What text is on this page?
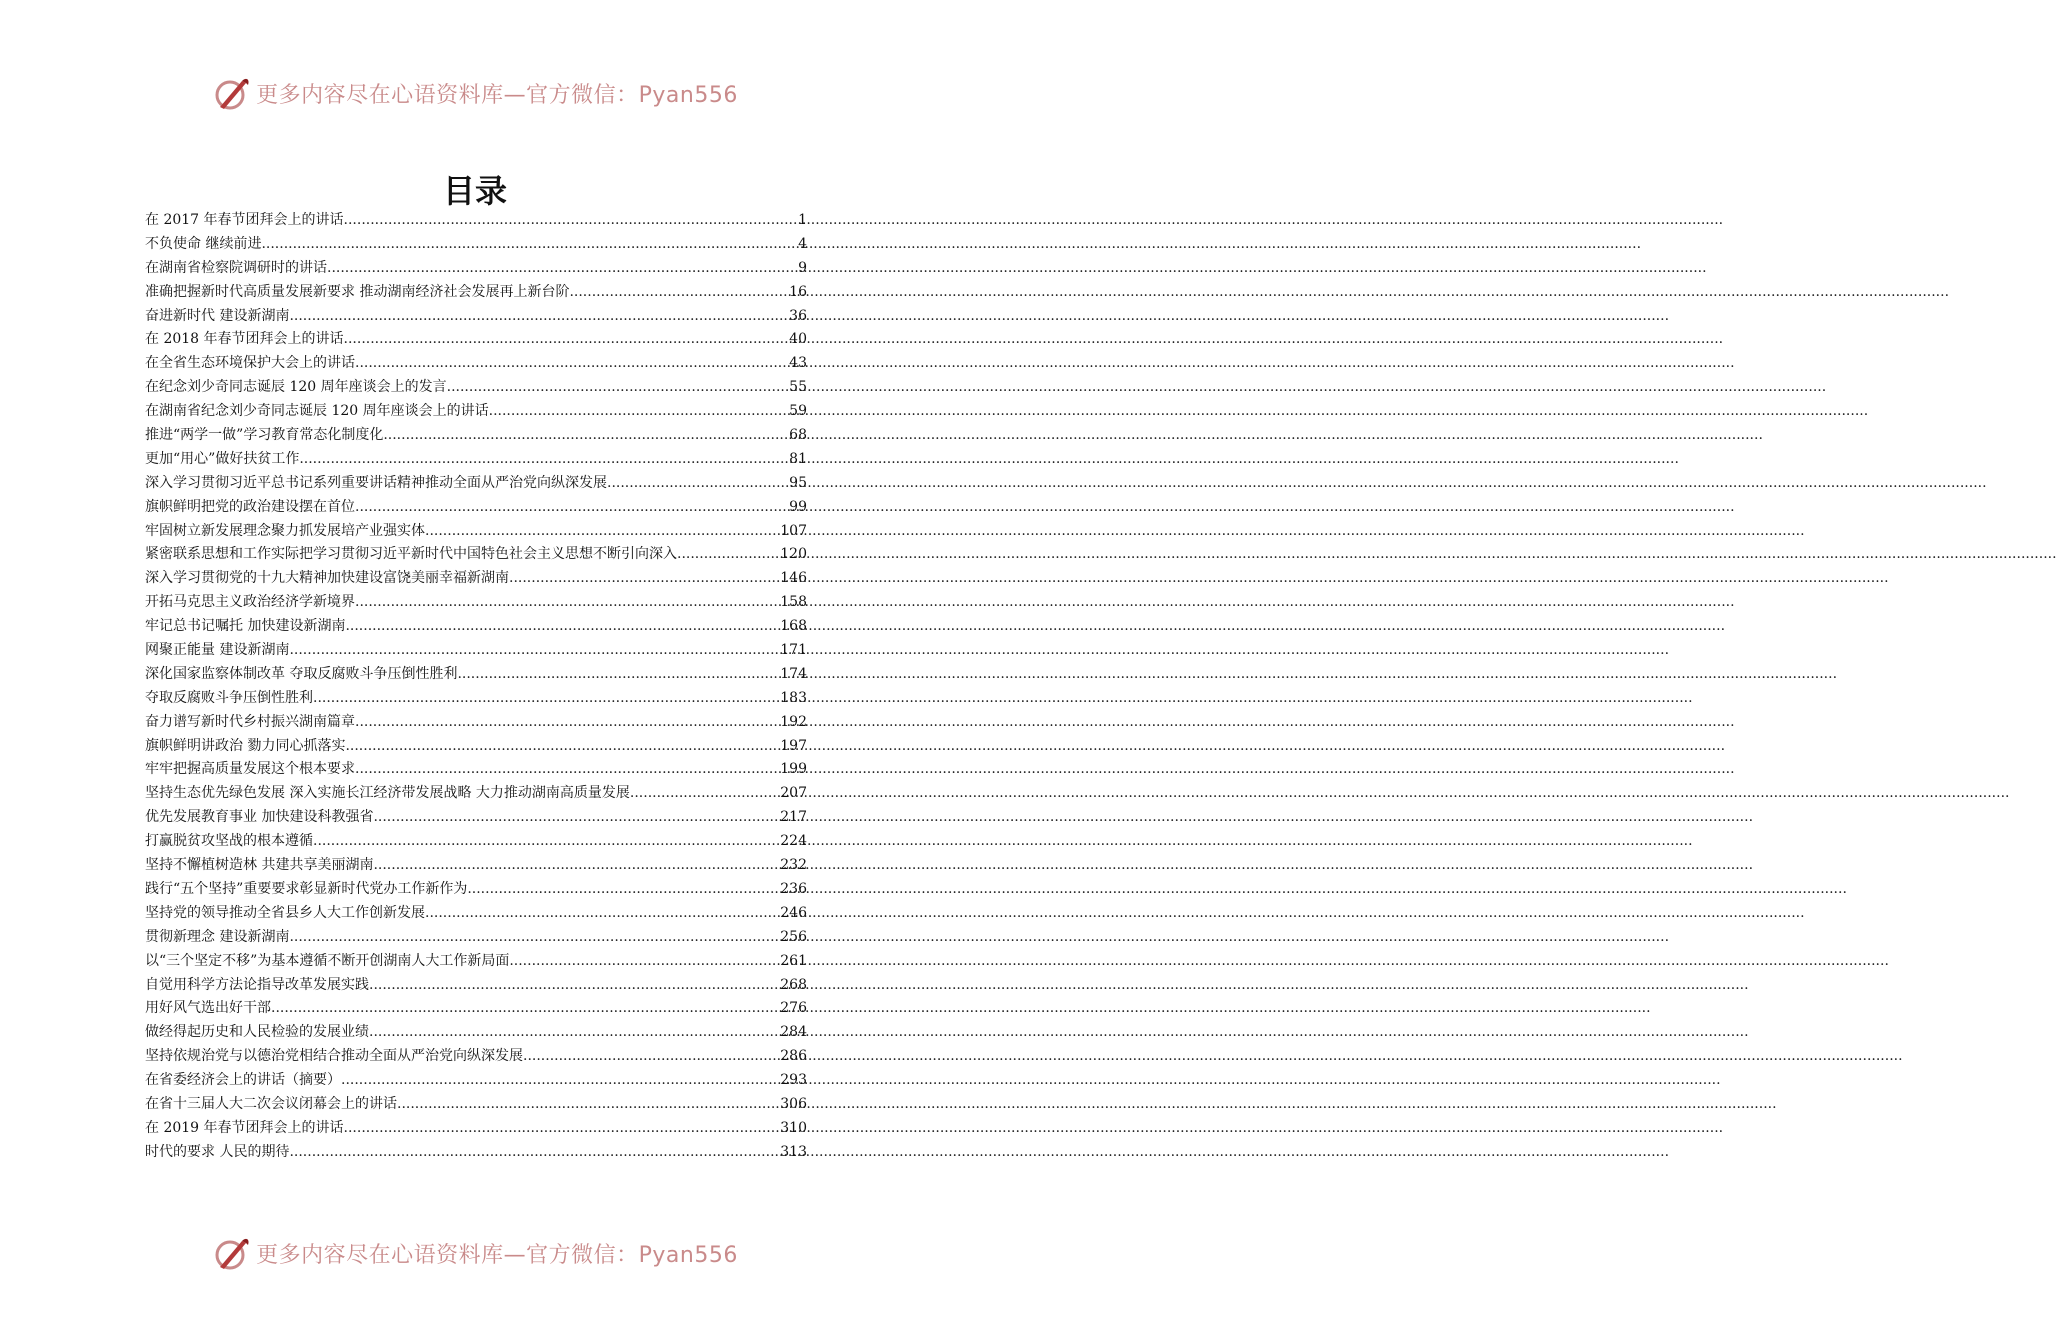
更多内容尽在心语资料库—官方微信：Pyan556
目录
在 2017 年春节团拜会上的讲话 .....	1
不负使命 继续前进 .....	4
在湖南省检察院调研时的讲话 .....	9
准确把握新时代高质量发展新要求 推动湖南经济社会发展再上新台阶 .....	16
奋进新时代 建设新湖南 .....	36
在 2018 年春节团拜会上的讲话 .....	40
在全省生态环境保护大会上的讲话 .....	43
在纪念刘少奇同志诞辰 120 周年座谈会上的发言 .....	55
在湖南省纪念刘少奇同志诞辰 120 周年座谈会上的讲话 .....	59
推进“两学一做”学习教育常态化制度化 .....	68
更加“用心”做好扶贫工作 .....	81
深入学习贯彻习近平总书记系列重要讲话精神推动全面从严治党向纵深发展 .....	95
旗帜鲜明把党的政治建设摆在首位 .....	99
牢固树立新发展理念聚力抓发展培产业强实体 .....	107
紧密联系思想和工作实际把学习贯彻习近平新时代中国特色社会主义思想不断引向深入 .....	120
深入学习贯彻党的十九大精神加快建设富饶美丽幸福新湖南 .....	146
开拓马克思主义政治经济学新境界 .....	158
牢记总书记嘱托 加快建设新湖南 .....	168
网聚正能量 建设新湖南 .....	171
深化国家监察体制改革 夺取反腐败斗争压倒性胜利 .....	174
夺取反腐败斗争压倒性胜利 .....	183
奋力谱写新时代乡村振兴湖南篇章 .....	192
旗帜鲜明讲政治 勠力同心抓落实 .....	197
牢牢把握高质量发展这个根本要求 .....	199
坚持生态优先绿色发展 深入实施长江经济带发展战略 大力推动湖南高质量发展 .....	207
优先发展教育事业 加快建设科教强省 .....	217
打赢脱贫攻坚战的根本遵循 .....	224
坚持不懈植树造林 共建共享美丽湖南 .....	232
践行“五个坚持”重要要求彰显新时代党办工作新作为 .....	236
坚持党的领导推动全省县乡人大工作创新发展 .....	246
贯彻新理念 建设新湖南 .....	256
以“三个坚定不移”为基本遵循不断开创湖南人大工作新局面 .....	261
自觉用科学方法论指导改革发展实践 .....	268
用好风气选出好干部 .....	276
做经得起历史和人民检验的发展业绩 .....	284
坚持依规治党与以德治党相结合推动全面从严治党向纵深发展 .....	286
在省委经济会上的讲话（摘要） .....	293
在省十三届人大二次会议闭幕会上的讲话 .....	306
在 2019 年春节团拜会上的讲话 .....	310
时代的要求 人民的期待 .....	313
更多内容尽在心语资料库—官方微信：Pyan556
